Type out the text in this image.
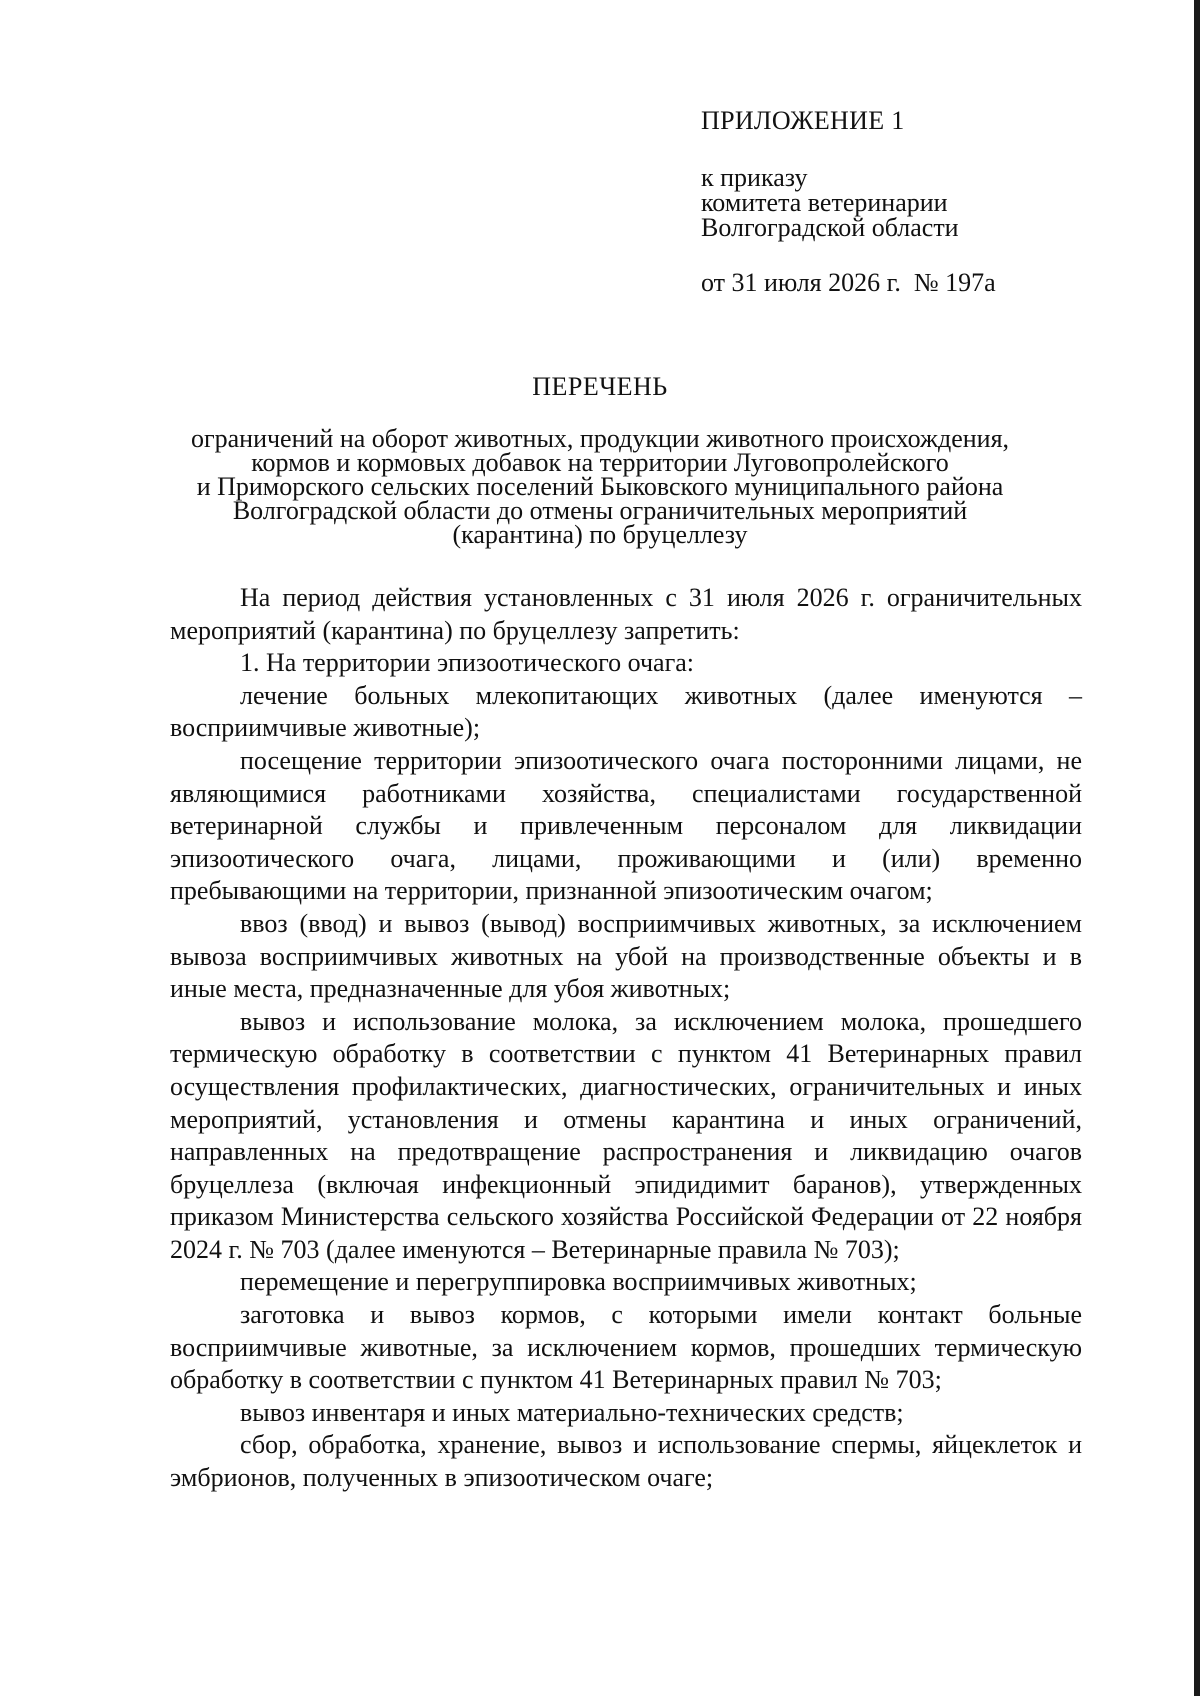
ПРИЛОЖЕНИЕ 1
к приказу
комитета ветеринарии
Волгоградской области
от 31 июля 2026 г.  № 197а
ПЕРЕЧЕНЬ
ограничений на оборот животных, продукции животного происхождения,
кормов и кормовых добавок на территории Луговопролейского
и Приморского сельских поселений Быковского муниципального района
Волгоградской области до отмены ограничительных мероприятий
(карантина) по бруцеллезу

На период действия установленных с 31 июля 2026 г. ограничительных мероприятий (карантина) по бруцеллезу запретить:

1. На территории эпизоотического очага:

лечение больных млекопитающих животных (далее именуются – восприимчивые животные);

посещение территории эпизоотического очага посторонними лицами, не являющимися работниками хозяйства, специалистами государственной ветеринарной службы и привлеченным персоналом для ликвидации эпизоотического очага, лицами, проживающими и (или) временно пребывающими на территории, признанной эпизоотическим очагом;

ввоз (ввод) и вывоз (вывод) восприимчивых животных, за исключением вывоза восприимчивых животных на убой на производственные объекты и в иные места, предназначенные для убоя животных;

вывоз и использование молока, за исключением молока, прошедшего термическую обработку в соответствии с пунктом 41 Ветеринарных правил осуществления профилактических, диагностических, ограничительных и иных мероприятий, установления и отмены карантина и иных ограничений, направленных на предотвращение распространения и ликвидацию очагов бруцеллеза (включая инфекционный эпидидимит баранов), утвержденных приказом Министерства сельского хозяйства Российской Федерации от 22 ноября 2024 г. № 703 (далее именуются – Ветеринарные правила № 703);

перемещение и перегруппировка восприимчивых животных;

заготовка и вывоз кормов, с которыми имели контакт больные восприимчивые животные, за исключением кормов, прошедших термическую обработку в соответствии с пунктом 41 Ветеринарных правил № 703;

вывоз инвентаря и иных материально-технических средств;

сбор, обработка, хранение, вывоз и использование спермы, яйцеклеток и эмбрионов, полученных в эпизоотическом очаге;
